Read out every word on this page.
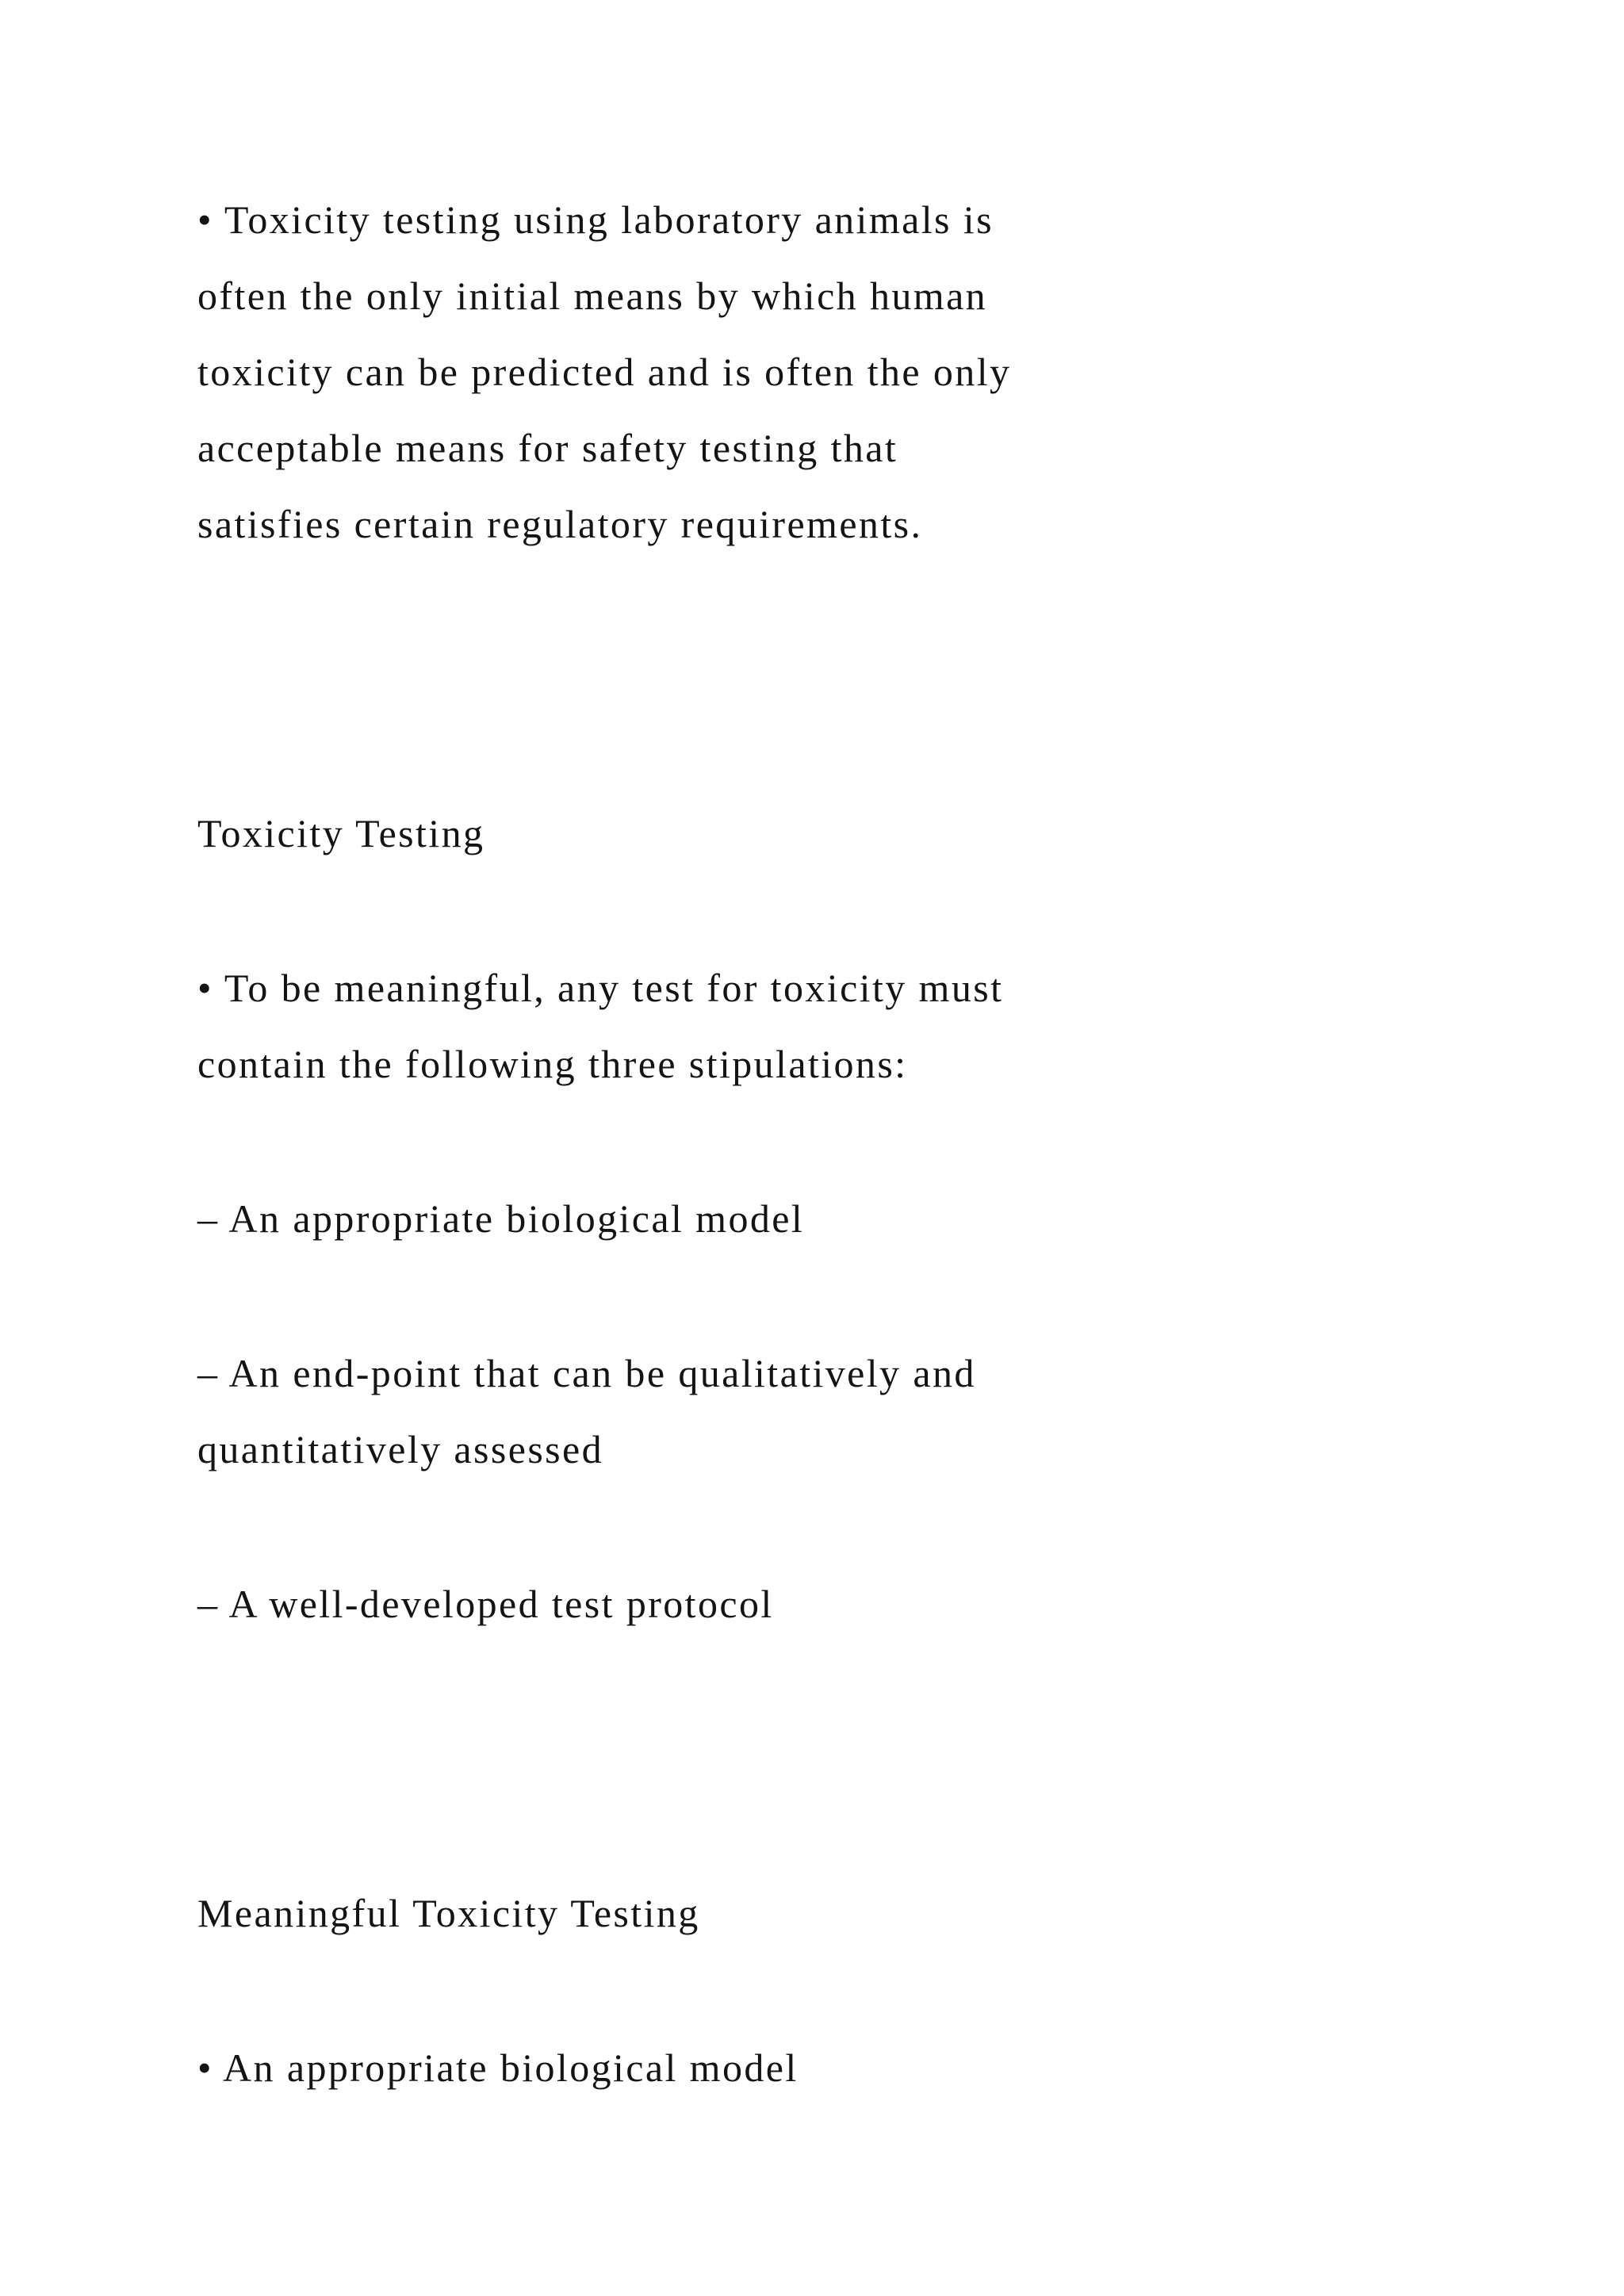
• Toxicity testing using laboratory animals is

often the only initial means by which human

toxicity can be predicted and is often the only

acceptable means for safety testing that

satisfies certain regulatory requirements.

Toxicity Testing

• To be meaningful, any test for toxicity must

contain the following three stipulations:

– An appropriate biological model

– An end-point that can be qualitatively and

quantitatively assessed

– A well-developed test protocol

Meaningful Toxicity Testing

• An appropriate biological model
